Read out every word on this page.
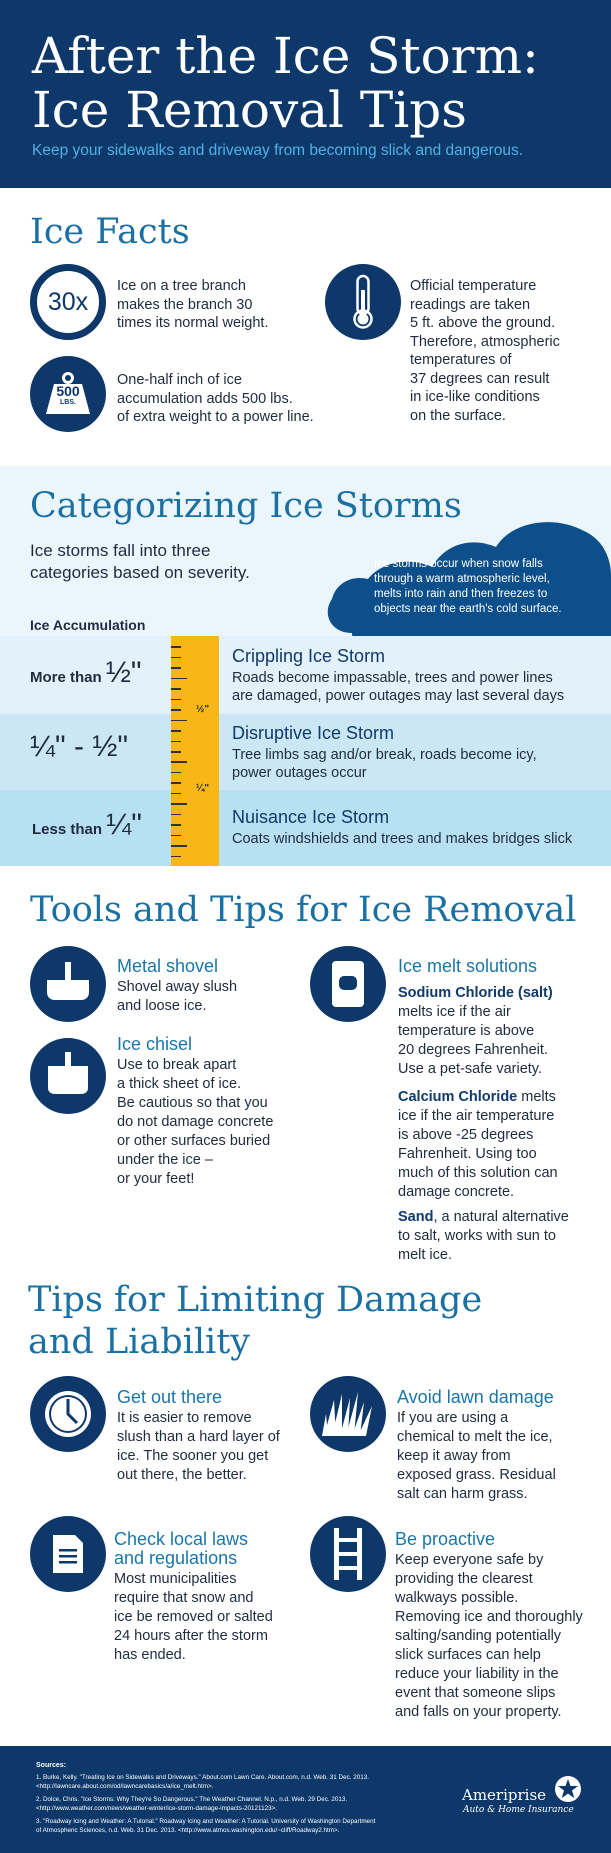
After the Ice Storm:
Ice Removal Tips
Keep your sidewalks and driveway from becoming slick and dangerous.
Ice Facts
30x
Ice on a tree branch
makes the branch 30
times its normal weight.
500
LBS.
One-half inch of ice
accumulation adds 500 lbs.
of extra weight to a power line.
Official temperature
readings are taken
5 ft. above the ground.
Therefore, atmospheric
temperatures of
37 degrees can result
in ice-like conditions
on the surface.
Categorizing Ice Storms
Ice storms fall into three
categories based on severity.	Ice storms occur when snow falls
through a warm atmospheric level,
melts into rain and then freezes to
objects near the earth's cold surface.
Ice Accumulation
½"
¼"
More than ½"	Crippling Ice Storm
Roads become impassable, trees and power lines
are damaged, power outages may last several days
¼" - ½"	Disruptive Ice Storm
Tree limbs sag and/or break, roads become icy,
power outages occur
Less than ¼"	Nuisance Ice Storm
Coats windshields and trees and makes bridges slick
Tools and Tips for Ice Removal
Metal shovel
Shovel away slush
and loose ice.
Ice chisel
Use to break apart
a thick sheet of ice.
Be cautious so that you
do not damage concrete
or other surfaces buried
under the ice –
or your feet!
Ice melt solutions
Sodium Chloride (salt)
melts ice if the air
temperature is above
20 degrees Fahrenheit.
Use a pet-safe variety.
Calcium Chloride melts
ice if the air temperature
is above -25 degrees
Fahrenheit. Using too
much of this solution can
damage concrete.
Sand, a natural alternative
to salt, works with sun to
melt ice.
Tips for Limiting Damage
and Liability
Get out there
It is easier to remove
slush than a hard layer of
ice. The sooner you get
out there, the better.
Avoid lawn damage
If you are using a
chemical to melt the ice,
keep it away from
exposed grass. Residual
salt can harm grass.
Check local laws
and regulations
Most municipalities
require that snow and
ice be removed or salted
24 hours after the storm
has ended.
Be proactive
Keep everyone safe by
providing the clearest
walkways possible.
Removing ice and thoroughly
salting/sanding potentially
slick surfaces can help
reduce your liability in the
event that someone slips
and falls on your property.
Sources:
1. Burke, Kelly. "Treating Ice on Sidewalks and Driveways." About.com Lawn Care. About.com, n.d. Web. 31 Dec. 2013.
<http://lawncare.about.com/od/lawncarebasics/a/ice_melt.htm>.
2. Dolce, Chris. "Ice Storms: Why They're So Dangerous." The Weather Channel. N.p., n.d. Web. 29 Dec. 2013.
<http://www.weather.com/news/weather-winter/ice-storm-damage-impacts-20121123>.
3. "Roadway Icing and Weather: A Tutorial." Roadway Icing and Weather: A Tutorial. University of Washington Department
of Atmospheric Sciences, n.d. Web. 31 Dec. 2013. <http://www.atmos.washington.edu/~cliff/Roadway2.htm>.
Ameriprise
Auto & Home Insurance
